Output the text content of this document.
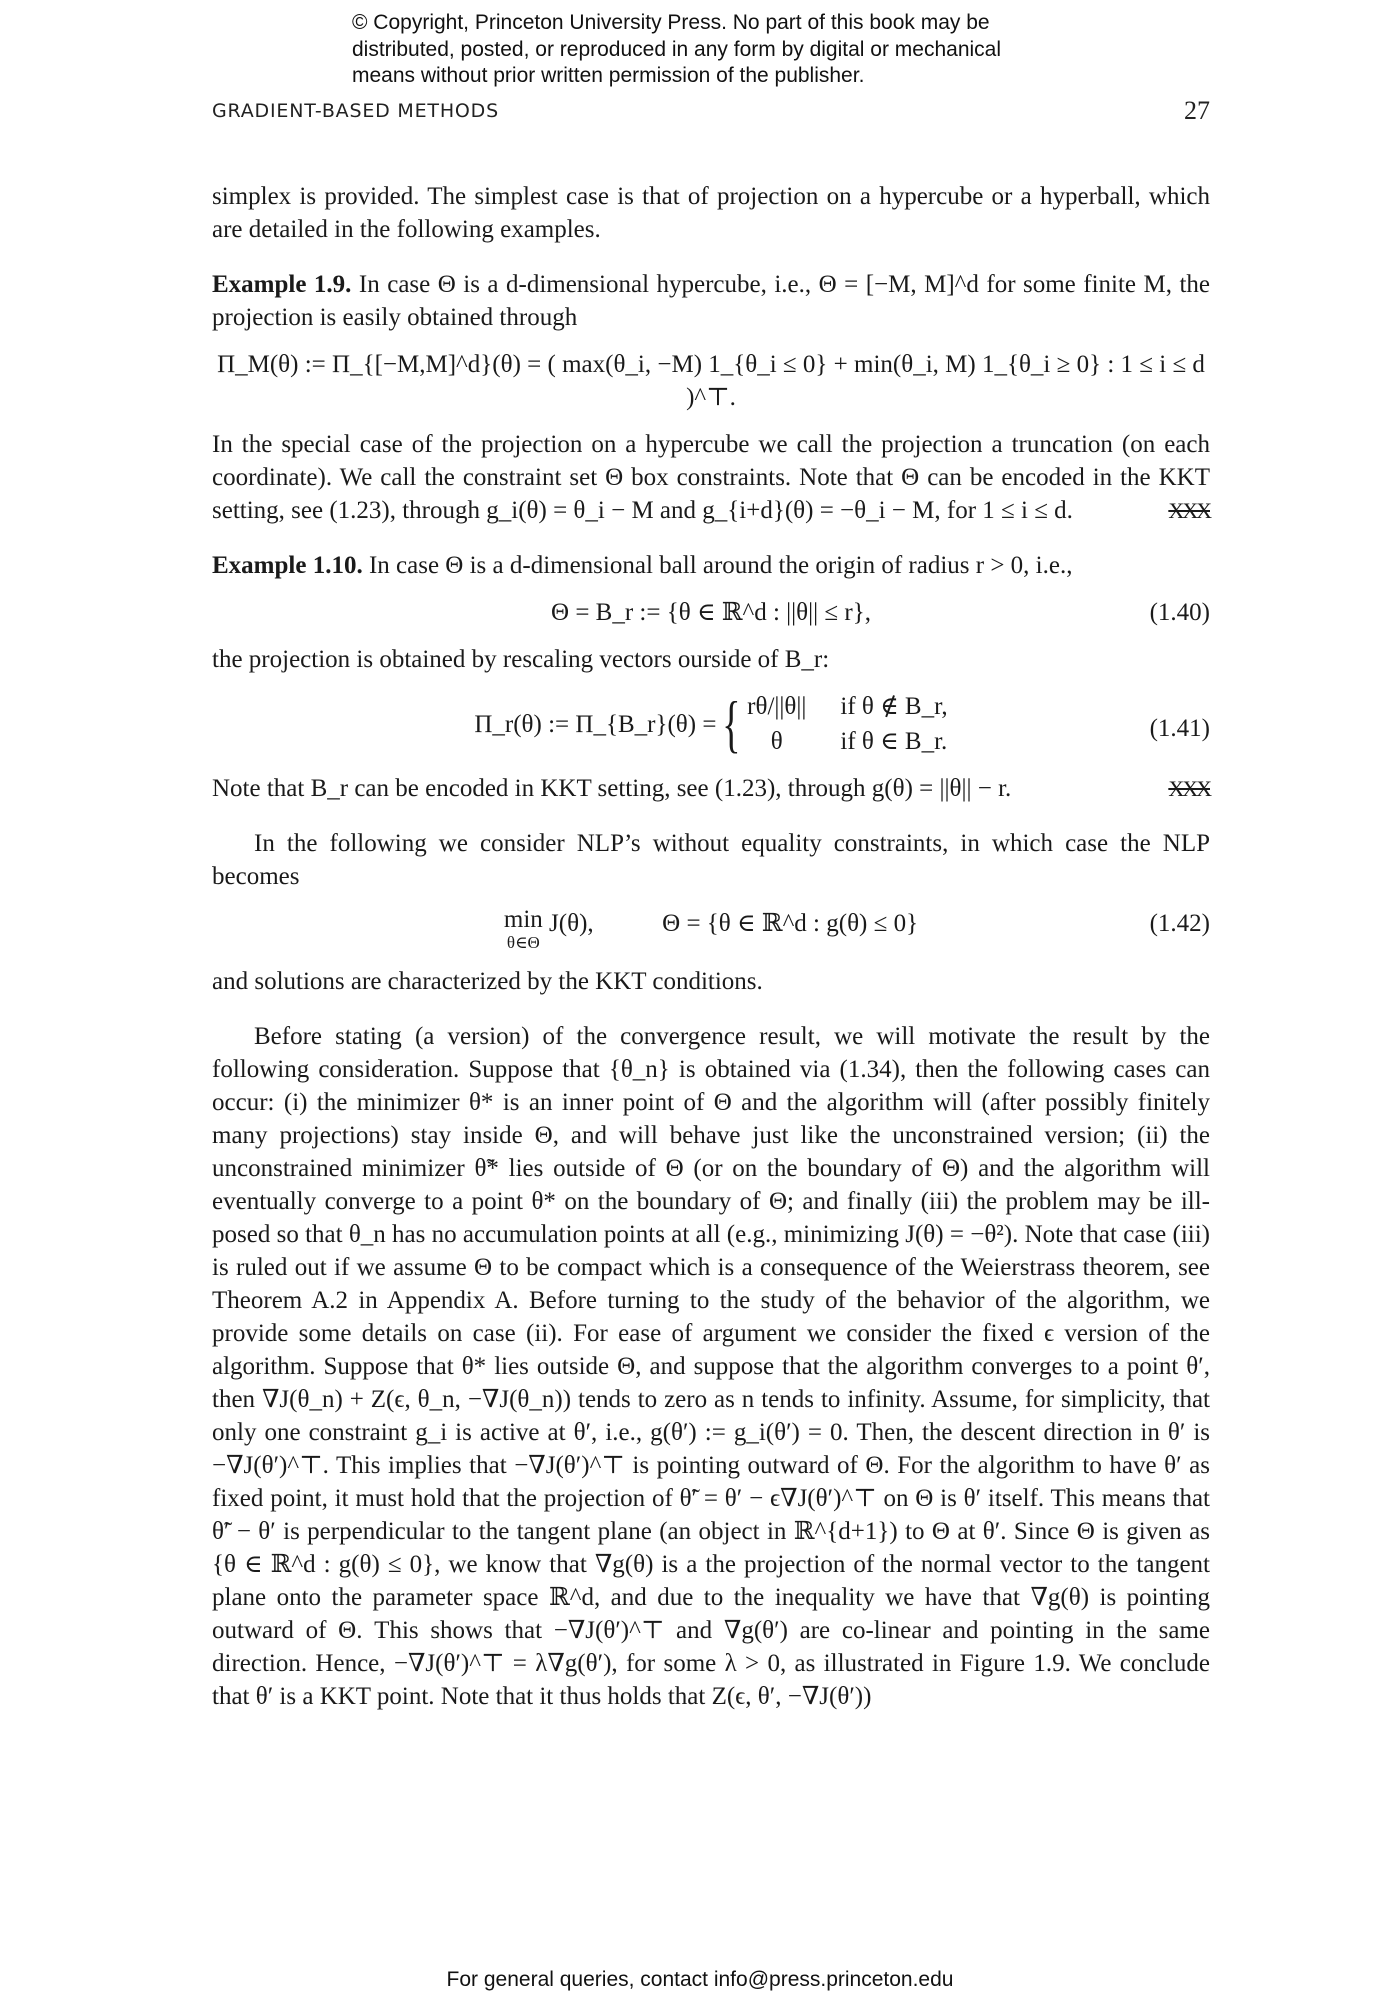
© Copyright, Princeton University Press. No part of this book may be

distributed, posted, or reproduced in any form by digital or mechanical

means without prior written permission of the publisher.

GRADIENT-BASED METHODS	27

simplex is provided. The simplest case is that of projection on a hypercube or a hyperball, which are detailed in the following examples.

Example 1.9. In case Θ is a d-dimensional hypercube, i.e., Θ = [−M, M]^d for some finite M, the projection is easily obtained through

Π_M(θ) := Π_{[−M,M]^d}(θ) = ( max(θ_i, −M) 1_{θ_i ≤ 0} + min(θ_i, M) 1_{θ_i ≥ 0} : 1 ≤ i ≤ d )^⊤.

In the special case of the projection on a hypercube we call the projection a truncation (on each coordinate). We call the constraint set Θ box constraints. Note that Θ can be encoded in the KKT setting, see (1.23), through g_i(θ) = θ_i − M and g_{i+d}(θ) = −θ_i − M, for 1 ≤ i ≤ d.	XXX

Example 1.10. In case Θ is a d-dimensional ball around the origin of radius r > 0, i.e.,

Θ = B_r := {θ ∈ ℝ^d : ||θ|| ≤ r},	(1.40)

the projection is obtained by rescaling vectors ourside of B_r:

Π_r(θ) := Π_{B_r}(θ) = { rθ/||θ|| if θ ∉ B_r,
θ	if θ ∈ B_r.	(1.41)

Note that B_r can be encoded in KKT setting, see (1.23), through g(θ) = ||θ|| − r.	XXX

In the following we consider NLP’s without equality constraints, in which case the NLP becomes

min
θ∈Θ
J(θ),	Θ = {θ ∈ ℝ^d : g(θ) ≤ 0}	(1.42)

and solutions are characterized by the KKT conditions.

Before stating (a version) of the convergence result, we will motivate the result by the following consideration. Suppose that {θ_n} is obtained via (1.34), then the following cases can occur: (i) the minimizer θ* is an inner point of Θ and the algorithm will (after possibly finitely many projections) stay inside Θ, and will behave just like the unconstrained version; (ii) the unconstrained minimizer θ̃* lies outside of Θ (or on the boundary of Θ) and the algorithm will eventually converge to a point θ* on the boundary of Θ; and finally (iii) the problem may be ill-posed so that θ_n has no accumulation points at all (e.g., minimizing J(θ) = −θ²). Note that case (iii) is ruled out if we assume Θ to be compact which is a consequence of the Weierstrass theorem, see Theorem A.2 in Appendix A. Before turning to the study of the behavior of the algorithm, we provide some details on case (ii). For ease of argument we consider the fixed ϵ version of the algorithm. Suppose that θ* lies outside Θ, and suppose that the algorithm converges to a point θ′, then ∇J(θ_n) + Z(ϵ, θ_n, −∇J(θ_n)) tends to zero as n tends to infinity. Assume, for simplicity, that only one constraint g_i is active at θ′, i.e., g(θ′) := g_i(θ′) = 0. Then, the descent direction in θ′ is −∇J(θ′)^⊤. This implies that −∇J(θ′)^⊤ is pointing outward of Θ. For the algorithm to have θ′ as fixed point, it must hold that the projection of θ̃′ = θ′ − ϵ∇J(θ′)^⊤ on Θ is θ′ itself. This means that θ̃′ − θ′ is perpendicular to the tangent plane (an object in ℝ^{d+1}) to Θ at θ′. Since Θ is given as {θ ∈ ℝ^d : g(θ) ≤ 0}, we know that ∇g(θ) is a the projection of the normal vector to the tangent plane onto the parameter space ℝ^d, and due to the inequality we have that ∇g(θ) is pointing outward of Θ. This shows that −∇J(θ′)^⊤ and ∇g(θ′) are co-linear and pointing in the same direction. Hence, −∇J(θ′)^⊤ = λ∇g(θ′), for some λ > 0, as illustrated in Figure 1.9. We conclude that θ′ is a KKT point. Note that it thus holds that Z(ϵ, θ′, −∇J(θ′))

For general queries, contact info@press.princeton.edu
